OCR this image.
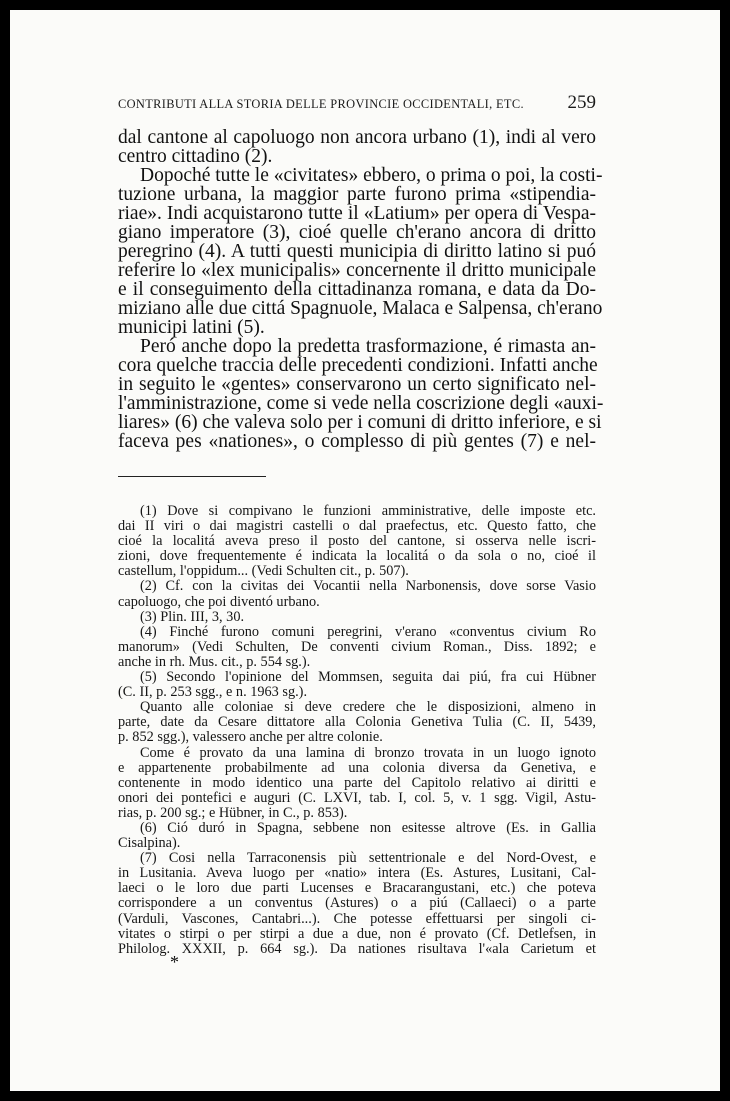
CONTRIBUTI ALLA STORIA DELLE PROVINCIE OCCIDENTALI, ETC. 259
dal cantone al capoluogo non ancora urbano (1), indi al vero
centro cittadino (2).
Dopoché tutte le «civitates» ebbero, o prima o poi, la costi-
tuzione urbana, la maggior parte furono prima «stipendia-
riae». Indi acquistarono tutte il «Latium» per opera di Vespa-
giano imperatore (3), cioé quelle ch'erano ancora di dritto
peregrino (4). A tutti questi municipia di diritto latino si puó
referire lo «lex municipalis» concernente il dritto municipale
e il conseguimento della cittadinanza romana, e data da Do-
miziano alle due cittá Spagnuole, Malaca e Salpensa, ch'erano
municipi latini (5).
Peró anche dopo la predetta trasformazione, é rimasta an-
cora quelche traccia delle precedenti condizioni. Infatti anche
in seguito le «gentes» conservarono un certo significato nel-
l'amministrazione, come si vede nella coscrizione degli «auxi-
liares» (6) che valeva solo per i comuni di dritto inferiore, e si
faceva pes «nationes», o complesso di più gentes (7) e nel-
(1) Dove si compivano le funzioni amministrative, delle imposte etc.
dai II viri o dai magistri castelli o dal praefectus, etc. Questo fatto, che
cioé la localitá aveva preso il posto del cantone, si osserva nelle iscri-
zioni, dove frequentemente é indicata la localitá o da sola o no, cioé il
castellum, l'oppidum... (Vedi Schulten cit., p. 507).
(2) Cf. con la civitas dei Vocantii nella Narbonensis, dove sorse Vasio
capoluogo, che poi diventó urbano.
(3) Plin. III, 3, 30.
(4) Finché furono comuni peregrini, v'erano «conventus civium Ro
manorum» (Vedi Schulten, De conventi civium Roman., Diss. 1892; e
anche in rh. Mus. cit., p. 554 sg.).
(5) Secondo l'opinione del Mommsen, seguita dai piú, fra cui Hübner
(C. II, p. 253 sgg., e n. 1963 sg.).
Quanto alle coloniae si deve credere che le disposizioni, almeno in
parte, date da Cesare dittatore alla Colonia Genetiva Tulia (C. II, 5439,
p. 852 sgg.), valessero anche per altre colonie.
Come é provato da una lamina di bronzo trovata in un luogo ignoto
e appartenente probabilmente ad una colonia diversa da Genetiva, e
contenente in modo identico una parte del Capitolo relativo ai diritti e
onori dei pontefici e auguri (C. LXVI, tab. I, col. 5, v. 1 sgg. Vigil, Astu-
rias, p. 200 sg.; e Hübner, in C., p. 853).
(6) Ció duró in Spagna, sebbene non esitesse altrove (Es. in Gallia
Cisalpina).
(7) Cosi nella Tarraconensis più settentrionale e del Nord-Ovest, e
in Lusitania. Aveva luogo per «natio» intera (Es. Astures, Lusitani, Cal-
laeci o le loro due parti Lucenses e Bracarangustani, etc.) che poteva
corrispondere a un conventus (Astures) o a piú (Callaeci) o a parte
(Varduli, Vascones, Cantabri...). Che potesse effettuarsi per singoli ci-
vitates o stirpi o per stirpi a due a due, non é provato (Cf. Detlefsen, in
Philolog. XXXII, p. 664 sg.). Da nationes risultava l'«ala Carietum et
*
